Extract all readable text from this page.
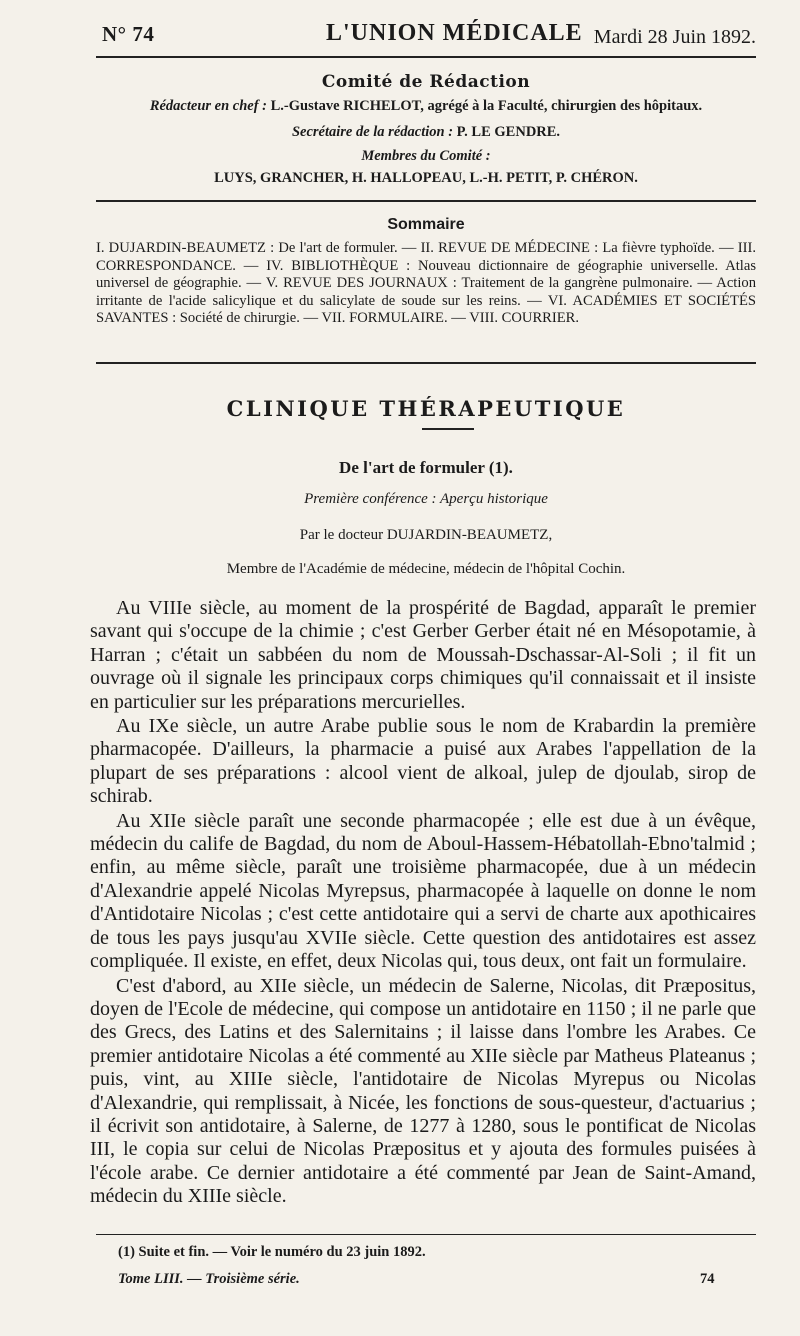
N° 74	L'UNION MÉDICALE Mardi 28 Juin 1892.
Comité de Rédaction
Rédacteur en chef : L.-Gustave RICHELOT, agrégé à la Faculté, chirurgien des hôpitaux.
Secrétaire de la rédaction : P. LE GENDRE.
Membres du Comité :
LUYS, GRANCHER, H. HALLOPEAU, L.-H. PETIT, P. CHÉRON.
Sommaire
I. DUJARDIN-BEAUMETZ : De l'art de formuler. — II. REVUE DE MÉDECINE : La fièvre typhoïde. — III. CORRESPONDANCE. — IV. BIBLIOTHÈQUE : Nouveau dictionnaire de géographie universelle. Atlas universel de géographie. — V. REVUE DES JOURNAUX : Traitement de la gangrène pulmonaire. — Action irritante de l'acide salicylique et du salicylate de soude sur les reins. — VI. ACADÉMIES ET SOCIÉTÉS SAVANTES : Société de chirurgie. — VII. FORMULAIRE. — VIII. COURRIER.
CLINIQUE THÉRAPEUTIQUE
De l'art de formuler (1).
Première conférence : Aperçu historique
Par le docteur DUJARDIN-BEAUMETZ,
Membre de l'Académie de médecine, médecin de l'hôpital Cochin.

Au VIIIe siècle, au moment de la prospérité de Bagdad, apparaît le premier savant qui s'occupe de la chimie ; c'est Gerber Gerber était né en Mésopotamie, à Harran ; c'était un sabbéen du nom de Moussah-Dschassar-Al-Soli ; il fit un ouvrage où il signale les principaux corps chimiques qu'il connaissait et il insiste en particulier sur les préparations mercurielles.

Au IXe siècle, un autre Arabe publie sous le nom de Krabardin la première pharmacopée. D'ailleurs, la pharmacie a puisé aux Arabes l'appellation de la plupart de ses préparations : alcool vient de alkoal, julep de djoulab, sirop de schirab.

Au XIIe siècle paraît une seconde pharmacopée ; elle est due à un évêque, médecin du calife de Bagdad, du nom de Aboul-Hassem-Hébatollah-Ebno'talmid ; enfin, au même siècle, paraît une troisième pharmacopée, due à un médecin d'Alexandrie appelé Nicolas Myrepsus, pharmacopée à laquelle on donne le nom d'Antidotaire Nicolas ; c'est cette antidotaire qui a servi de charte aux apothicaires de tous les pays jusqu'au XVIIe siècle. Cette question des antidotaires est assez compliquée. Il existe, en effet, deux Nicolas qui, tous deux, ont fait un formulaire.

C'est d'abord, au XIIe siècle, un médecin de Salerne, Nicolas, dit Præpositus, doyen de l'Ecole de médecine, qui compose un antidotaire en 1150 ; il ne parle que des Grecs, des Latins et des Salernitains ; il laisse dans l'ombre les Arabes. Ce premier antidotaire Nicolas a été commenté au XIIe siècle par Matheus Plateanus ; puis, vint, au XIIIe siècle, l'antidotaire de Nicolas Myrepus ou Nicolas d'Alexandrie, qui remplissait, à Nicée, les fonctions de sous-questeur, d'actuarius ; il écrivit son antidotaire, à Salerne, de 1277 à 1280, sous le pontificat de Nicolas III, le copia sur celui de Nicolas Præpositus et y ajouta des formules puisées à l'école arabe. Ce dernier antidotaire a été commenté par Jean de Saint-Amand, médecin du XIIIe siècle.

(1) Suite et fin. — Voir le numéro du 23 juin 1892.
Tome LIII. — Troisième série.	74
